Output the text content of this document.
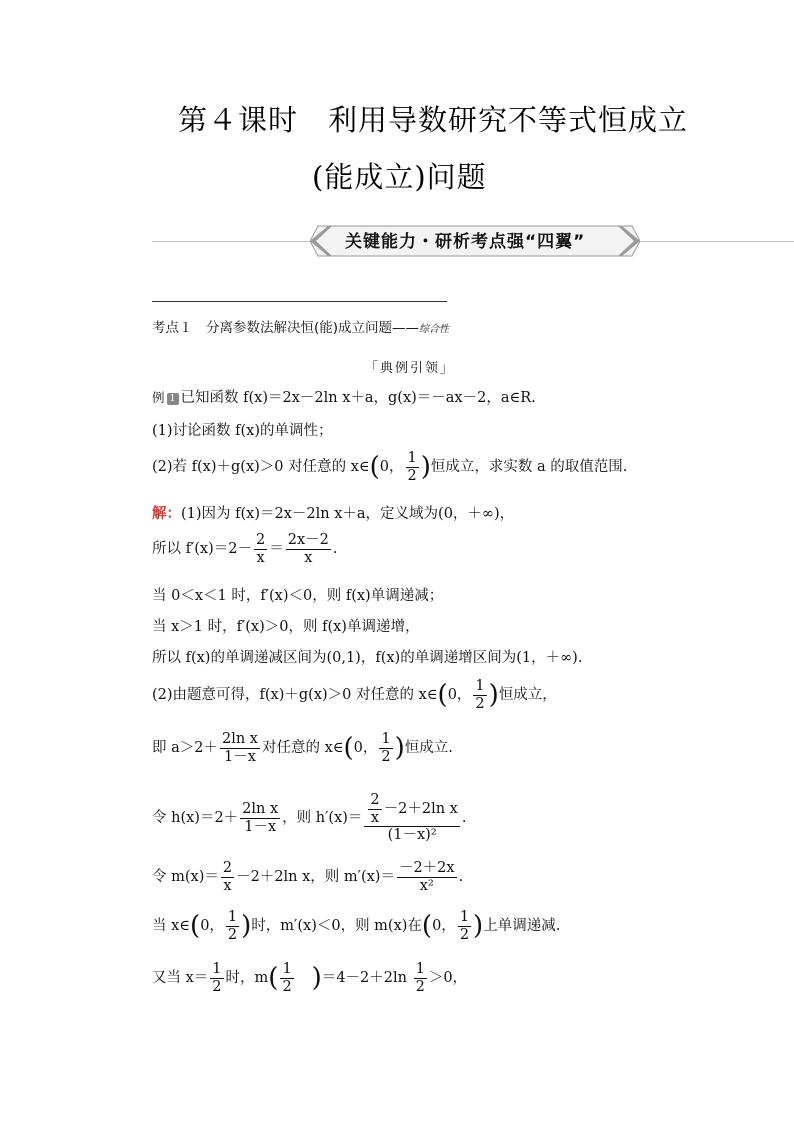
第４课时　利用导数研究不等式恒成立
(能成立)问题
关键能力・研析考点强“四翼”
考点１　分离参数法解决恒(能)成立问题——综合性
「典例引领」
例 1 已知函数 f(x)＝2x－2ln x＋a，g(x)＝－ax－2，a∈R.
(1)讨论函数 f(x)的单调性；
(2)若 f(x)＋g(x)＞0 对任意的 x∈(0， $\frac{1}{2}$ )恒成立，求实数 a 的取值范围.
解：(1)因为 f(x)＝2x－2ln x＋a，定义域为(0，＋∞)，
所以 $f'(x)=2- \frac{2}{x} = \frac{2x-2}{x}$ .
当 0＜x＜1 时，f′(x)＜0，则 f(x)单调递减；
当 x＞1 时，f′(x)＞0，则 f(x)单调递增，
所以 f(x)的单调递减区间为(0,1)，f(x)的单调递增区间为(1，＋∞).
(2)由题意可得，f(x)＋g(x)＞0 对任意的 x∈(0， $\frac{1}{2}$ )恒成立，
即 $a>2+ \frac{\text{2ln x}}{1-x}$ 对任意的 x∈(0， $\frac{1}{2}$ )恒成立.
令 $h(x)=2+ \frac{\text{2ln x}}{1-x}$ ，则 $h'(x)= \frac{\frac{2}{x} -2+2\ln x}{\text{(1－x)²}}$ .
令 $m(x)= \frac{2}{x} -2+2\ln$ x，则 $m'(x)= \frac{-2+2x}{\text{x²}}$ .
当 x∈(0， $\frac{1}{2}$ )时，m′(x)＜0，则 m(x)在(0， $\frac{1}{2}$ )上单调递减.
又当 $x= \frac{1}{2}$ 时，$m( \frac{1}{2} )=4-2+2\ln \frac{1}{2} >0$，
